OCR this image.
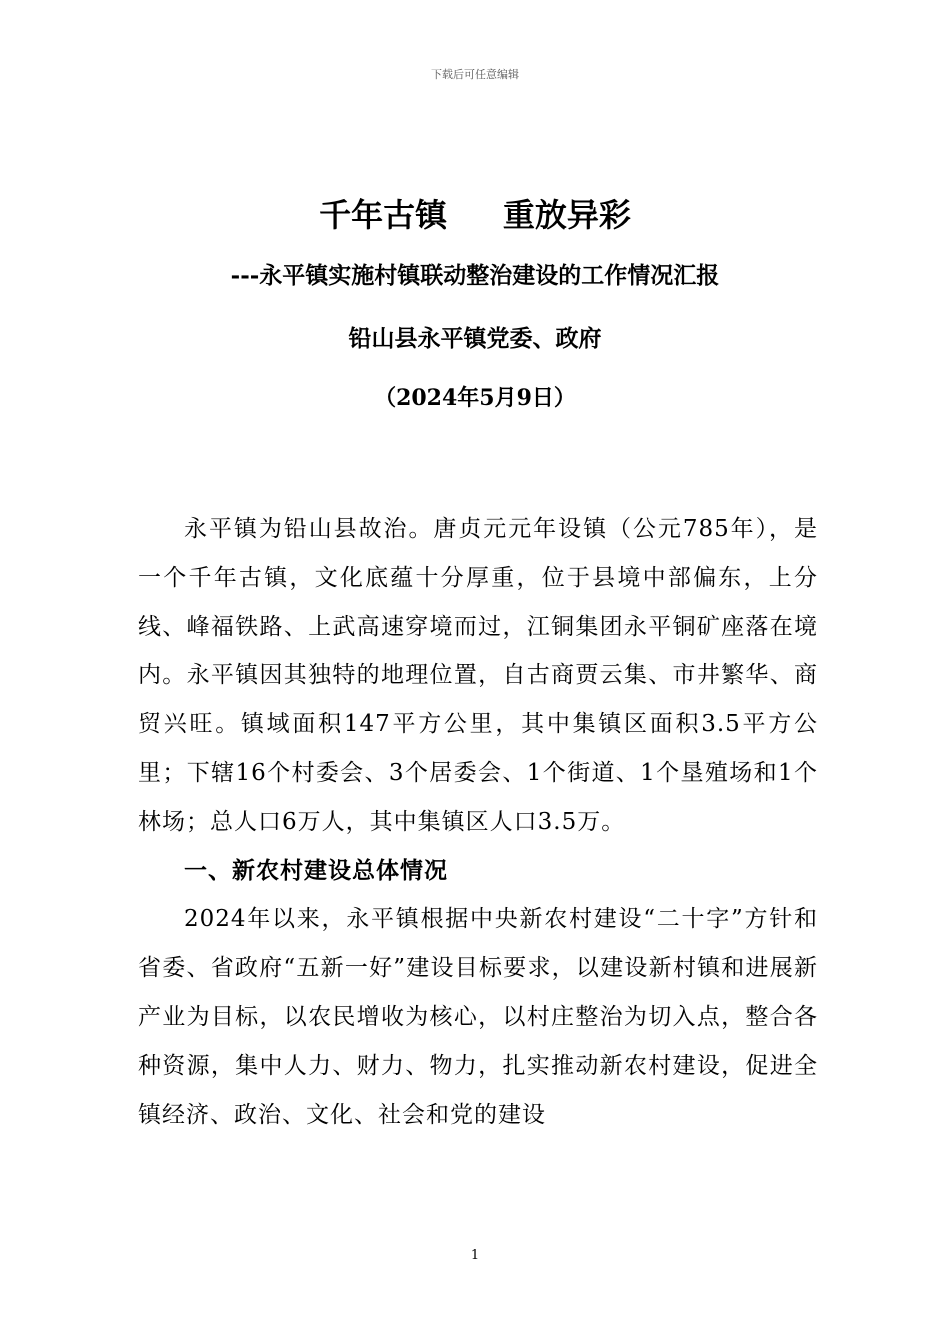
下载后可任意编辑
千年古镇     重放异彩
---永平镇实施村镇联动整治建设的工作情况汇报
铅山县永平镇党委、政府
（2024年5月9日）

永平镇为铅山县故治。唐贞元元年设镇（公元785年），是一个千年古镇，文化底蕴十分厚重，位于县境中部偏东，上分线、峰福铁路、上武高速穿境而过，江铜集团永平铜矿座落在境内。永平镇因其独特的地理位置，自古商贾云集、市井繁华、商贸兴旺。镇域面积147平方公里，其中集镇区面积3.5平方公里；下辖16个村委会、3个居委会、1个街道、1个垦殖场和1个林场；总人口6万人，其中集镇区人口3.5万。

一、新农村建设总体情况

2024年以来，永平镇根据中央新农村建设“二十字”方针和省委、省政府“五新一好”建设目标要求，以建设新村镇和进展新产业为目标，以农民增收为核心，以村庄整治为切入点，整合各种资源，集中人力、财力、物力，扎实推动新农村建设，促进全镇经济、政治、文化、社会和党的建设

1
